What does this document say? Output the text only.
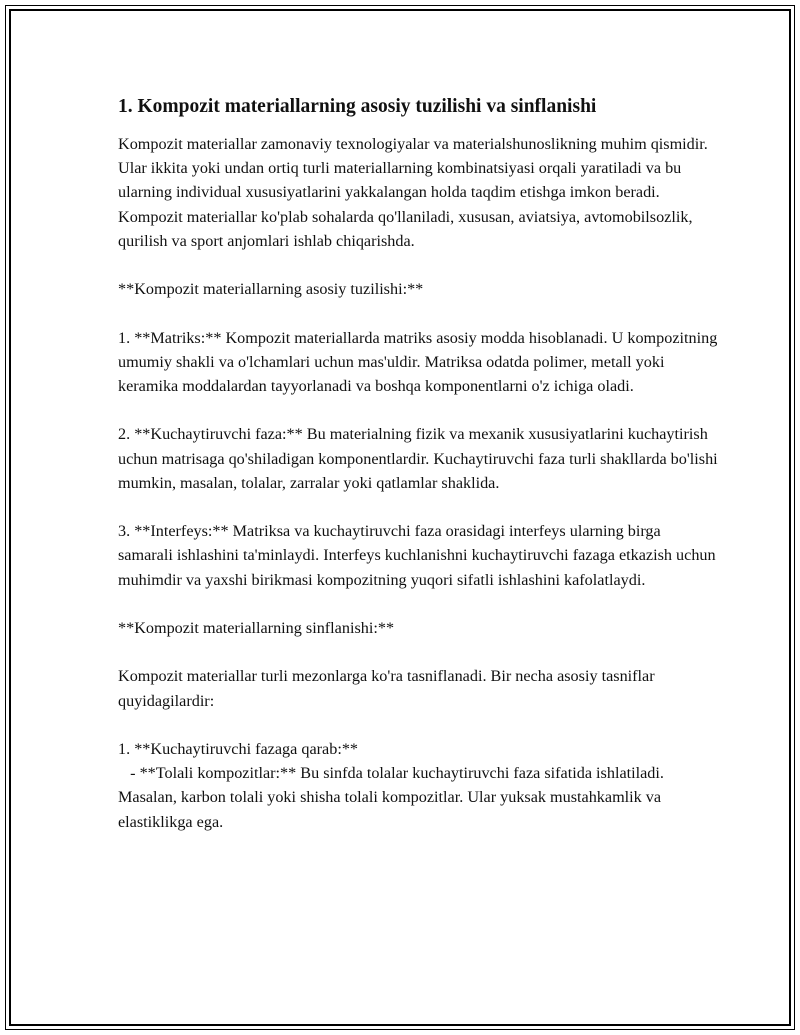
1. Kompozit materiallarning asosiy tuzilishi va sinflanishi

Kompozit materiallar zamonaviy texnologiyalar va materialshunoslikning muhim qismidir. Ular ikkita yoki undan ortiq turli materiallarning kombinatsiyasi orqali yaratiladi va bu ularning individual xususiyatlarini yakkalangan holda taqdim etishga imkon beradi. Kompozit materiallar ko'plab sohalarda qo'llaniladi, xususan, aviatsiya, avtomobilsozlik, qurilish va sport anjomlari ishlab chiqarishda.

**Kompozit materiallarning asosiy tuzilishi:**

1. **Matriks:** Kompozit materiallarda matriks asosiy modda hisoblanadi. U kompozitning umumiy shakli va o'lchamlari uchun mas'uldir. Matriksa odatda polimer, metall yoki keramika moddalardan tayyorlanadi va boshqa komponentlarni o'z ichiga oladi.

2. **Kuchaytiruvchi faza:** Bu materialning fizik va mexanik xususiyatlarini kuchaytirish uchun matrisaga qo'shiladigan komponentlardir. Kuchaytiruvchi faza turli shakllarda bo'lishi mumkin, masalan, tolalar, zarralar yoki qatlamlar shaklida.

3. **Interfeys:** Matriksa va kuchaytiruvchi faza orasidagi interfeys ularning birga samarali ishlashini ta'minlaydi. Interfeys kuchlanishni kuchaytiruvchi fazaga etkazish uchun muhimdir va yaxshi birikmasi kompozitning yuqori sifatli ishlashini kafolatlaydi.

**Kompozit materiallarning sinflanishi:**

Kompozit materiallar turli mezonlarga ko'ra tasniflanadi. Bir necha asosiy tasniflar quyidagilardir:

1. **Kuchaytiruvchi fazaga qarab:**

- **Tolali kompozitlar:** Bu sinfda tolalar kuchaytiruvchi faza sifatida ishlatiladi. Masalan, karbon tolali yoki shisha tolali kompozitlar. Ular yuksak mustahkamlik va elastiklikga ega.
